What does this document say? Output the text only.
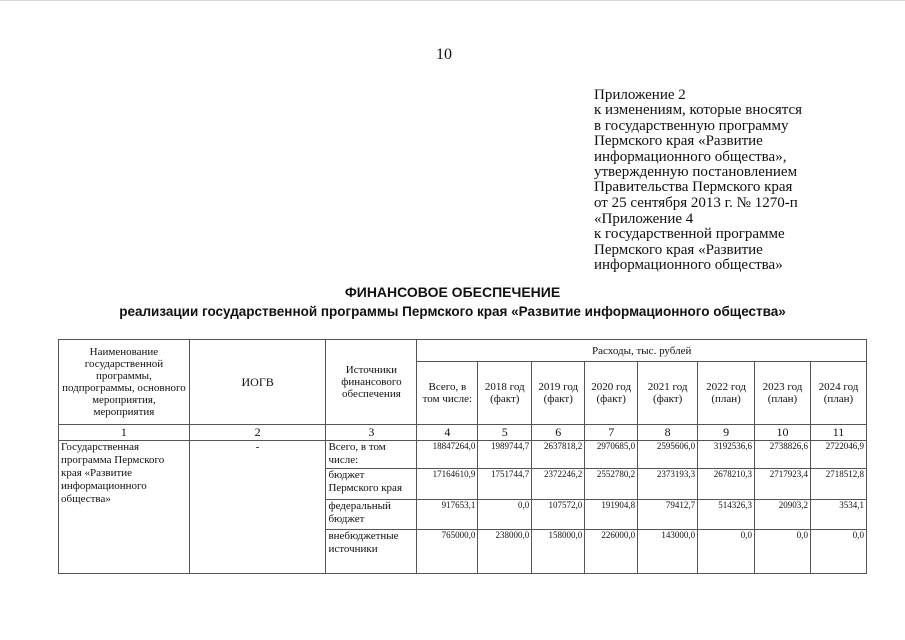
10
Приложение 2
к изменениям, которые вносятся
в государственную программу
Пермского края «Развитие
информационного общества»,
утвержденную постановлением
Правительства Пермского края
от 25 сентября 2013 г. № 1270-п
«Приложение 4
к государственной программе
Пермского края «Развитие
информационного общества»
ФИНАНСОВОЕ ОБЕСПЕЧЕНИЕ
реализации государственной программы Пермского края «Развитие информационного общества»
Наименование государственной программы, подпрограммы, основного мероприятия, мероприятия	ИОГВ	Источники финансового обеспечения	Расходы, тыс. рублей							
			Всего, в том числе:	2018 год (факт)	2019 год (факт)	2020 год (факт)	2021 год (факт)	2022 год (план)	2023 год (план)	2024 год (план)
1	2	3	4	5	6	7	8	9	10	11
Государственная программа Пермского края «Развитие информационного общества»	-	Всего, в том числе:	18847264,0	1989744,7	2637818,2	2970685,0	2595606,0	3192536,6	2738826,6	2722046,9
		бюджет Пермского края	17164610,9	1751744,7	2372246,2	2552780,2	2373193,3	2678210,3	2717923,4	2718512,8
		федеральный бюджет	917653,1	0,0	107572,0	191904,8	79412,7	514326,3	20903,2	3534,1
		внебюджетные источники	765000,0	238000,0	158000,0	226000,0	143000,0	0,0	0,0	0,0
